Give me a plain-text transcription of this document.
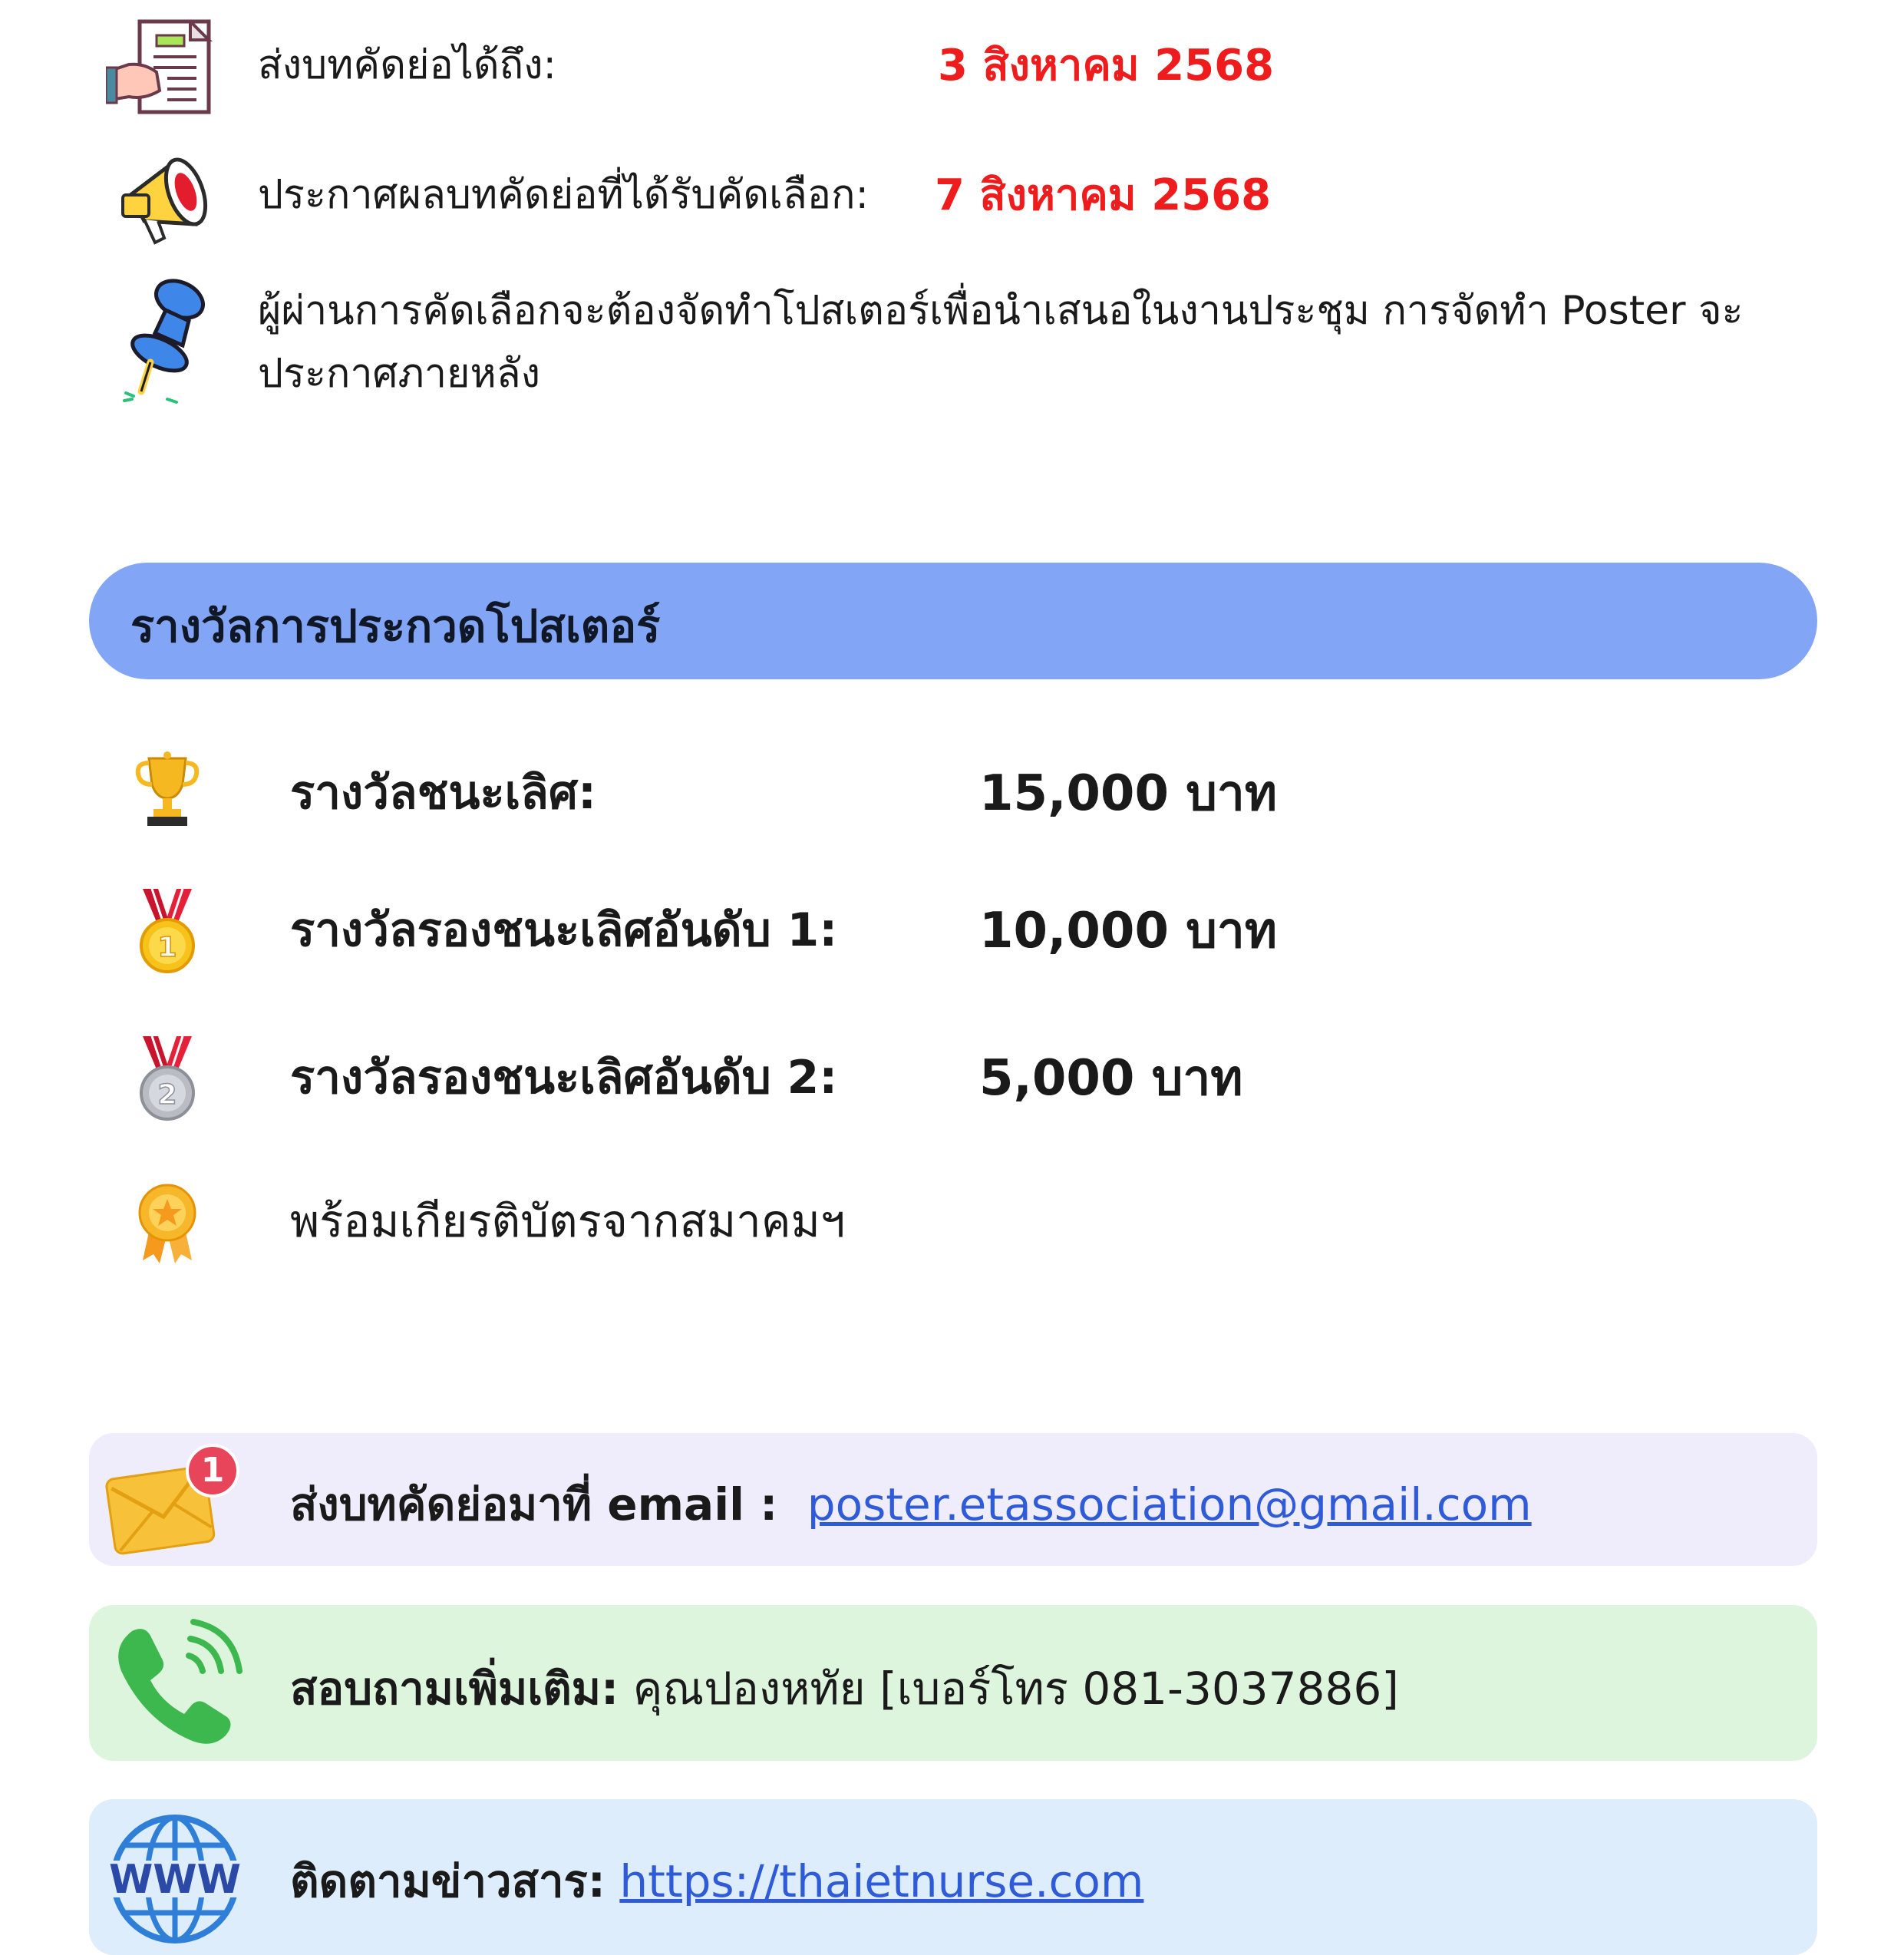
ส่งบทคัดย่อได้ถึง:	3 สิงหาคม 2568
ประกาศผลบทคัดย่อที่ได้รับคัดเลือก: 7 สิงหาคม 2568
ผู้ผ่านการคัดเลือกจะต้องจัดทำโปสเตอร์เพื่อนำเสนอในงานประชุม การจัดทำ Poster จะ
ประกาศภายหลัง
รางวัลการประกวดโปสเตอร์
รางวัลชนะเลิศ:	15,000 บาท
1 รางวัลรองชนะเลิศอันดับ 1:	10,000 บาท
2 รางวัลรองชนะเลิศอันดับ 2:	5,000 บาท
พร้อมเกียรติบัตรจากสมาคมฯ
1
ส่งบทคัดย่อมาที่ email : poster.etassociation@gmail.com
สอบถามเพิ่มเติม: คุณปองหทัย [เบอร์โทร 081-3037886]
WWW ติดตามข่าวสาร: https://thaietnurse.com
